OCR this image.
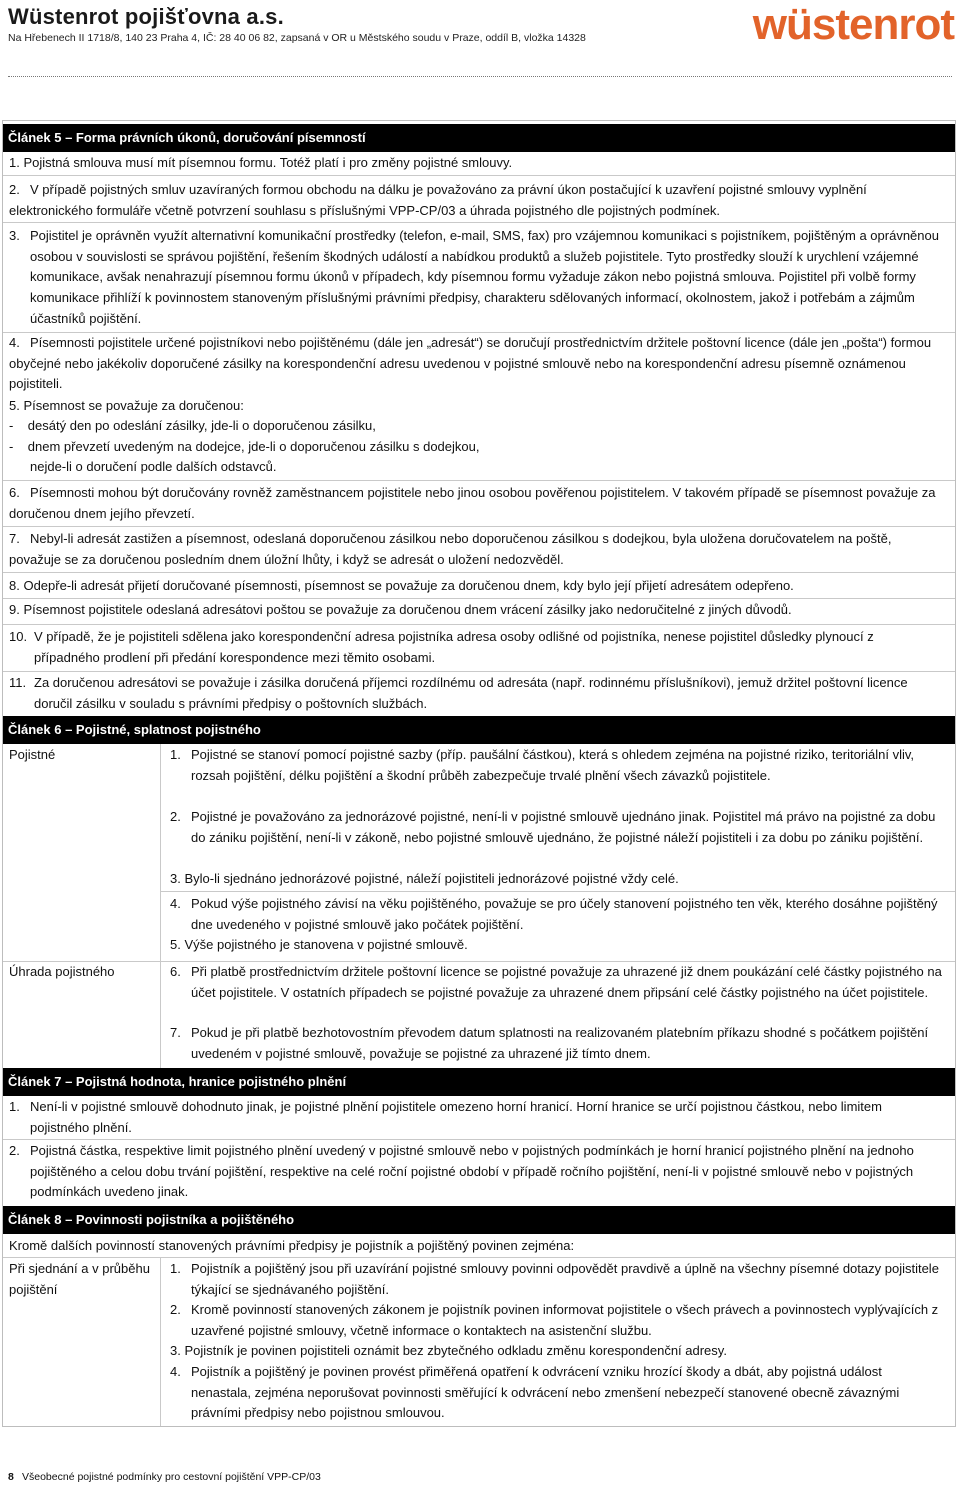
Wüstenrot pojišťovna a.s.
Na Hřebenech II 1718/8, 140 23 Praha 4, IČ: 28 40 06 82, zapsaná v OR u Městského soudu v Praze, oddíl B, vložka 14328	wüstenrot
Článek 5 – Forma právních úkonů, doručování písemností
1. Pojistná smlouva musí mít písemnou formu. Totéž platí i pro změny pojistné smlouvy.
2. V případě pojistných smluv uzavíraných formou obchodu na dálku je považováno za právní úkon postačující k uzavření pojistné smlouvy vyplnění elektronického formuláře včetně potvrzení souhlasu s příslušnými VPP-CP/03 a úhrada pojistného dle pojistných podmínek.
3. Pojistitel je oprávněn využít alternativní komunikační prostředky (telefon, e-mail, SMS, fax) pro vzájemnou komunikaci s pojistníkem, pojištěným a oprávněnou osobou v souvislosti se správou pojištění, řešením škodných událostí a nabídkou produktů a služeb pojistitele. Tyto prostředky slouží k urychlení vzájemné komunikace, avšak nenahrazují písemnou formu úkonů v případech, kdy písemnou formu vyžaduje zákon nebo pojistná smlouva. Pojistitel při volbě formy komunikace přihlíží k povinnostem stanoveným příslušnými právními předpisy, charakteru sdělovaných informací, okolnostem, jakož i potřebám a zájmům účastníků pojištění.
4. Písemnosti pojistitele určené pojistníkovi nebo pojištěnému (dále jen „adresát“) se doručují prostřednictvím držitele poštovní licence (dále jen „pošta“) formou obyčejné nebo jakékoliv doporučené zásilky na korespondenční adresu uvedenou v pojistné smlouvě nebo na korespondenční adresu písemně oznámenou pojistiteli.
5. Písemnost se považuje za doručenou:
- desátý den po odeslání zásilky, jde-li o doporučenou zásilku,
- dnem převzetí uvedeným na dodejce, jde-li o doporučenou zásilku s dodejkou,
nejde-li o doručení podle dalších odstavců.
6. Písemnosti mohou být doručovány rovněž zaměstnancem pojistitele nebo jinou osobou pověřenou pojistitelem. V takovém případě se písemnost považuje za doručenou dnem jejího převzetí.
7. Nebyl-li adresát zastižen a písemnost, odeslaná doporučenou zásilkou nebo doporučenou zásilkou s dodejkou, byla uložena doručovatelem na poště, považuje se za doručenou posledním dnem úložní lhůty, i když se adresát o uložení nedozvěděl.
8. Odepře-li adresát přijetí doručované písemnosti, písemnost se považuje za doručenou dnem, kdy bylo její přijetí adresátem odepřeno.
9. Písemnost pojistitele odeslaná adresátovi poštou se považuje za doručenou dnem vrácení zásilky jako nedoručitelné z jiných důvodů.
10. V případě, že je pojistiteli sdělena jako korespondenční adresa pojistníka adresa osoby odlišné od pojistníka, nenese pojistitel důsledky plynoucí z případného prodlení při předání korespondence mezi těmito osobami.
11. Za doručenou adresátovi se považuje i zásilka doručená příjemci rozdílnému od adresáta (např. rodinnému příslušníkovi), jemuž držitel poštovní licence doručil zásilku v souladu s právními předpisy o poštovních službách.
Článek 6 – Pojistné, splatnost pojistného
Pojistné
Úhrada pojistného
1. Pojistné se stanoví pomocí pojistné sazby (příp. paušální částkou), která s ohledem zejména na pojistné riziko, teritoriální vliv, rozsah pojištění, délku pojištění a škodní průběh zabezpečuje trvalé plnění všech závazků pojistitele.
2. Pojistné je považováno za jednorázové pojistné, není-li v pojistné smlouvě ujednáno jinak. Pojistitel má právo na pojistné za dobu do zániku pojištění, není-li v zákoně, nebo pojistné smlouvě ujednáno, že pojistné náleží pojistiteli i za dobu po zániku pojištění.
3. Bylo-li sjednáno jednorázové pojistné, náleží pojistiteli jednorázové pojistné vždy celé.
4. Pokud výše pojistného závisí na věku pojištěného, považuje se pro účely stanovení pojistného ten věk, kterého dosáhne pojištěný dne uvedeného v pojistné smlouvě jako počátek pojištění.
5. Výše pojistného je stanovena v pojistné smlouvě.
6. Při platbě prostřednictvím držitele poštovní licence se pojistné považuje za uhrazené již dnem poukázání celé částky pojistného na účet pojistitele. V ostatních případech se pojistné považuje za uhrazené dnem připsání celé částky pojistného na účet pojistitele.
7. Pokud je při platbě bezhotovostním převodem datum splatnosti na realizovaném platebním příkazu shodné s počátkem pojištění uvedeném v pojistné smlouvě, považuje se pojistné za uhrazené již tímto dnem.
Článek 7 – Pojistná hodnota, hranice pojistného plnění
1. Není-li v pojistné smlouvě dohodnuto jinak, je pojistné plnění pojistitele omezeno horní hranicí. Horní hranice se určí pojistnou částkou, nebo limitem pojistného plnění.
2. Pojistná částka, respektive limit pojistného plnění uvedený v pojistné smlouvě nebo v pojistných podmínkách je horní hranicí pojistného plnění na jednoho pojištěného a celou dobu trvání pojištění, respektive na celé roční pojistné období v případě ročního pojištění, není-li v pojistné smlouvě nebo v pojistných podmínkách uvedeno jinak.
Článek 8 – Povinnosti pojistníka a pojištěného
Kromě dalších povinností stanovených právními předpisy je pojistník a pojištěný povinen zejména:
Při sjednání a v průběhu pojištění
1. Pojistník a pojištěný jsou při uzavírání pojistné smlouvy povinni odpovědět pravdivě a úplně na všechny písemné dotazy pojistitele týkající se sjednávaného pojištění.
2. Kromě povinností stanovených zákonem je pojistník povinen informovat pojistitele o všech právech a povinnostech vyplývajících z uzavřené pojistné smlouvy, včetně informace o kontaktech na asistenční službu.
3. Pojistník je povinen pojistiteli oznámit bez zbytečného odkladu změnu korespondenční adresy.
4. Pojistník a pojištěný je povinen provést přiměřená opatření k odvrácení vzniku hrozící škody a dbát, aby pojistná událost nenastala, zejména neporušovat povinnosti směřující k odvrácení nebo zmenšení nebezpečí stanovené obecně závaznými právními předpisy nebo pojistnou smlouvou.
8 Všeobecné pojistné podmínky pro cestovní pojištění VPP-CP/03
